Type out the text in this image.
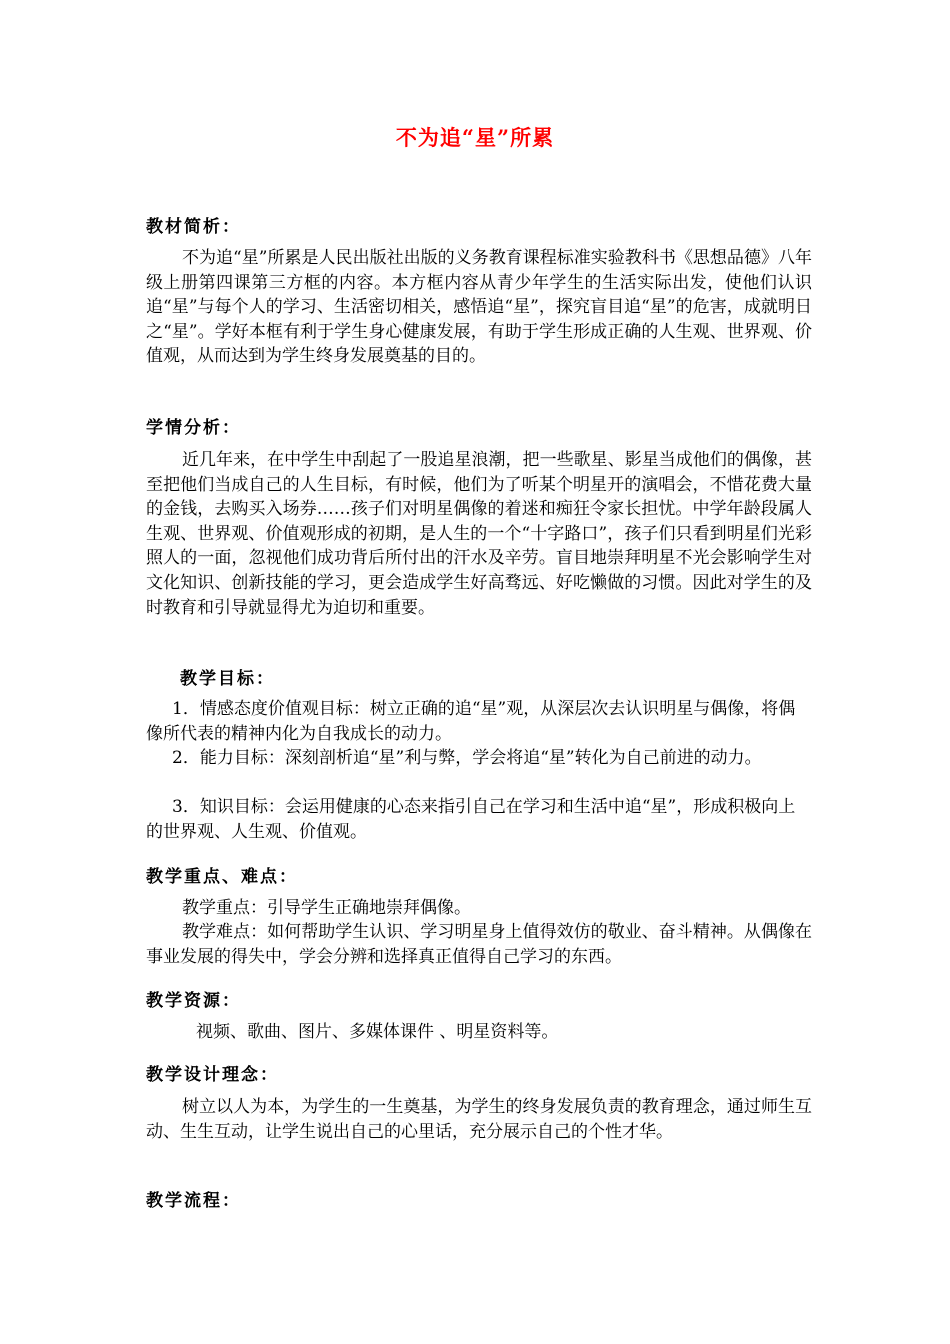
不为追“星”所累
教材简析：

不为追“星”所累是人民出版社出版的义务教育课程标准实验教科书《思想品德》八年级上册第四课第三方框的内容。本方框内容从青少年学生的生活实际出发，使他们认识追“星”与每个人的学习、生活密切相关，感悟追“星”，探究盲目追“星”的危害，成就明日之“星”。学好本框有利于学生身心健康发展，有助于学生形成正确的人生观、世界观、价值观，从而达到为学生终身发展奠基的目的。

学情分析：

近几年来，在中学生中刮起了一股追星浪潮，把一些歌星、影星当成他们的偶像，甚至把他们当成自己的人生目标，有时候，他们为了听某个明星开的演唱会，不惜花费大量的金钱，去购买入场券……孩子们对明星偶像的着迷和痴狂令家长担忧。中学年龄段属人生观、世界观、价值观形成的初期，是人生的一个“十字路口”，孩子们只看到明星们光彩照人的一面，忽视他们成功背后所付出的汗水及辛劳。盲目地崇拜明星不光会影响学生对文化知识、创新技能的学习，更会造成学生好高骛远、好吃懒做的习惯。因此对学生的及时教育和引导就显得尤为迫切和重要。

教学目标：

1．情感态度价值观目标：树立正确的追“星”观，从深层次去认识明星与偶像，将偶像所代表的精神内化为自我成长的动力。

2．能力目标：深刻剖析追“星”利与弊，学会将追“星”转化为自己前进的动力。

3．知识目标：会运用健康的心态来指引自己在学习和生活中追“星”，形成积极向上的世界观、人生观、价值观。

教学重点、难点：

教学重点：引导学生正确地崇拜偶像。

教学难点：如何帮助学生认识、学习明星身上值得效仿的敬业、奋斗精神。从偶像在事业发展的得失中，学会分辨和选择真正值得自己学习的东西。

教学资源：

视频、歌曲、图片、多媒体课件 、明星资料等。

教学设计理念：

树立以人为本，为学生的一生奠基，为学生的终身发展负责的教育理念，通过师生互动、生生互动，让学生说出自己的心里话，充分展示自己的个性才华。

教学流程：
